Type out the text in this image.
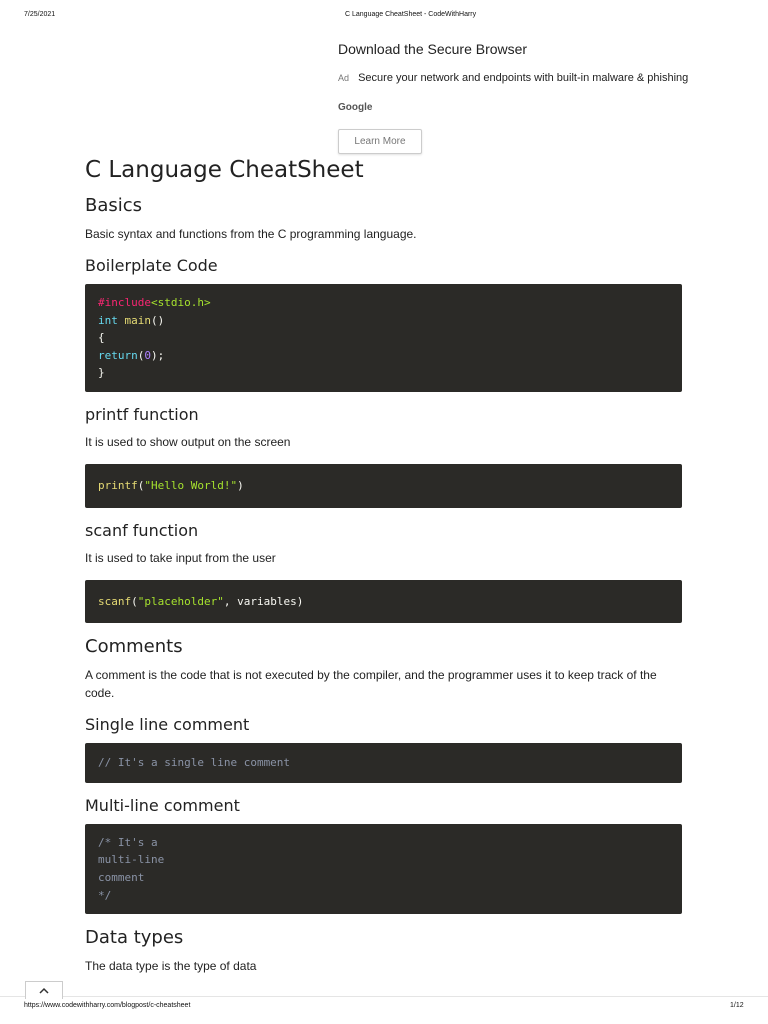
7/25/2021	C Language CheatSheet - CodeWithHarry
Download the Secure Browser
Ad Secure your network and endpoints with built-in malware & phishing
Google
Learn More
C Language CheatSheet
Basics

Basic syntax and functions from the C programming language.

Boilerplate Code
#include<stdio.h>
int main()
{
return(0);
}
printf function

It is used to show output on the screen

printf("Hello World!")
scanf function

It is used to take input from the user

scanf("placeholder", variables)
Comments

A comment is the code that is not executed by the compiler, and the programmer uses it to keep track of the code.

Single line comment
// It's a single line comment
Multi-line comment
/* It's a
multi-line
comment
*/
Data types

The data type is the type of data

https://www.codewithharry.com/blogpost/c-cheatsheet	1/12
